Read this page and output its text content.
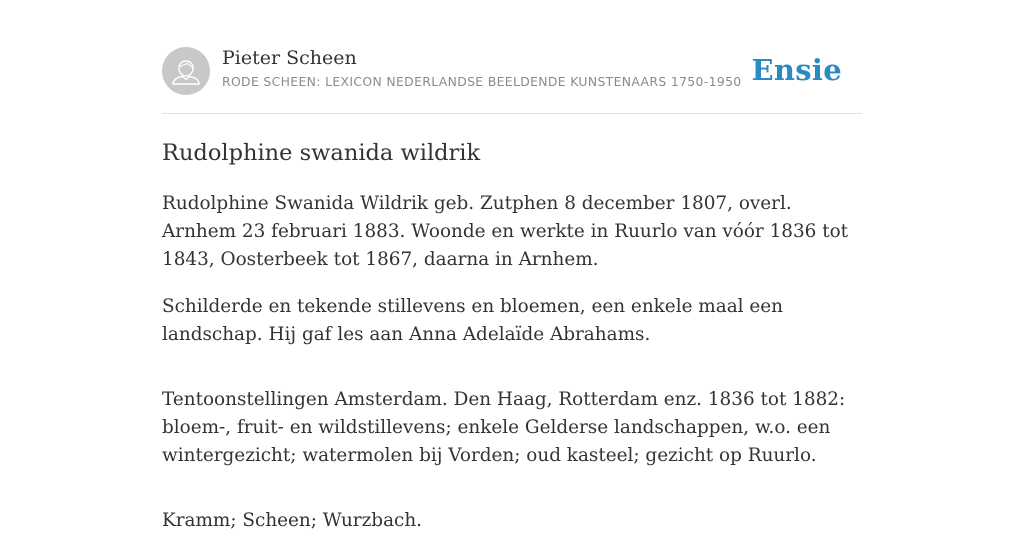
Pieter Scheen
RODE SCHEEN: LEXICON NEDERLANDSE BEELDENDE KUNSTENAARS 1750-1950 Ensie
Rudolphine swanida wildrik

Rudolphine Swanida Wildrik geb. Zutphen 8 december 1807, overl. Arnhem 23 februari 1883. Woonde en werkte in Ruurlo van vóór 1836 tot 1843, Oosterbeek tot 1867, daarna in Arnhem.

Schilderde en tekende stillevens en bloemen, een enkele maal een landschap. Hij gaf les aan Anna Adelaïde Abrahams.

Tentoonstellingen Amsterdam. Den Haag, Rotterdam enz. 1836 tot 1882: bloem-, fruit- en wildstillevens; enkele Gelderse landschappen, w.o. een wintergezicht; watermolen bij Vorden; oud kasteel; gezicht op Ruurlo.

Kramm; Scheen; Wurzbach.
